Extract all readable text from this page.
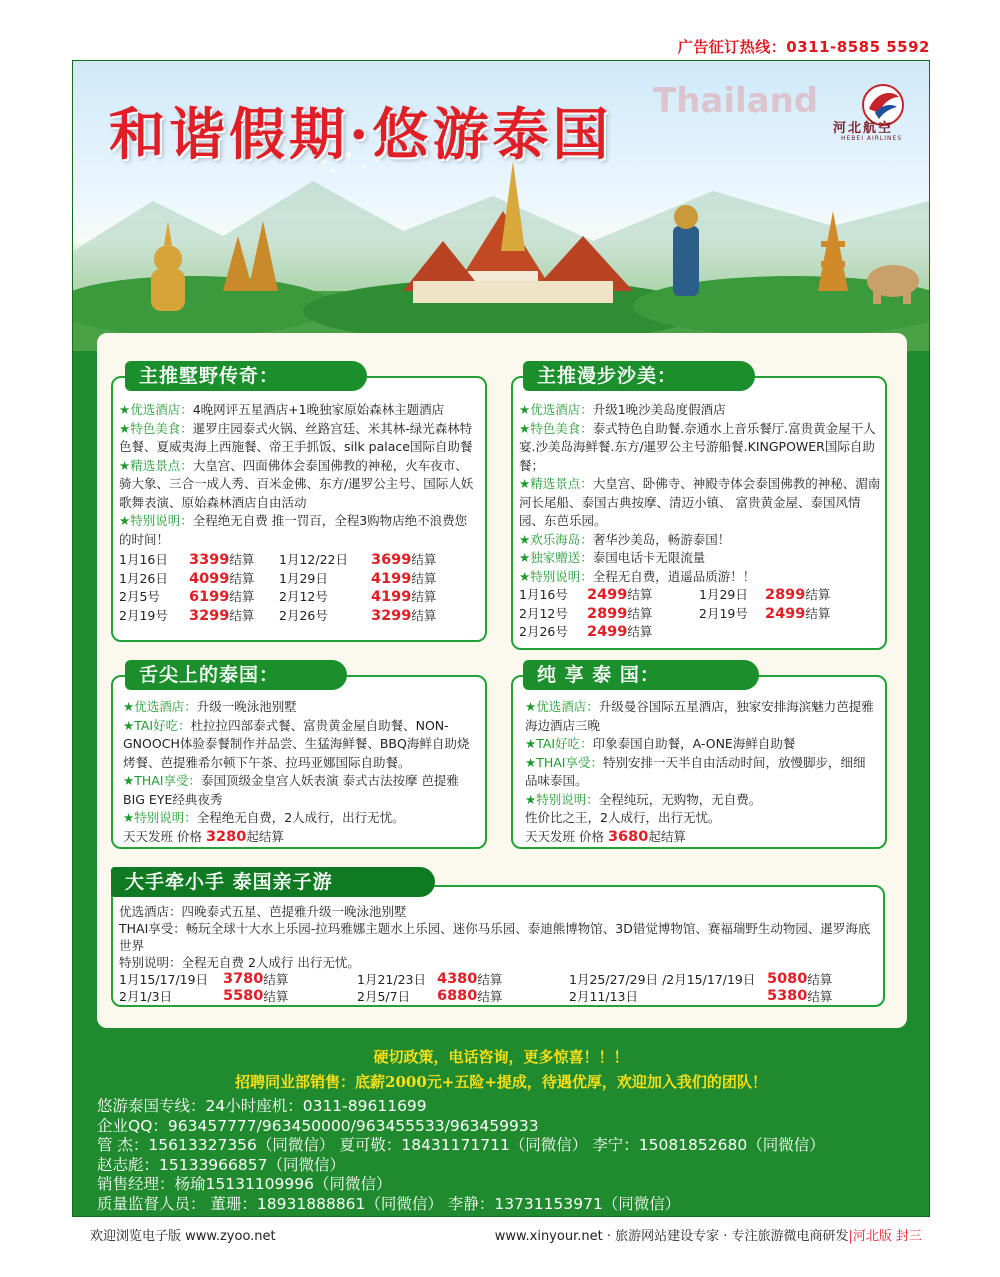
广告征订热线：0311-8585 5592
Thailand
和谐假期·悠游泰国	河北航空
HEBEI AIRLINES
主推墅野传奇：

★优选酒店：4晚网评五星酒店+1晚独家原始森林主题酒店

★特色美食：暹罗庄园泰式火锅、丝路宫廷、米其林-绿光森林特色餐、夏威夷海上西施餐、帝王手抓饭、silk palace国际自助餐

★精选景点：大皇宫、四面佛体会泰国佛教的神秘，火车夜市、骑大象、三合一成人秀、百米金佛、东方/暹罗公主号、国际人妖歌舞表演、原始森林酒店自由活动

★特别说明：全程绝无自费 推一罚百，全程3购物店绝不浪费您的时间！

1月16日	3399 结算 1月12/22日	3699 结算
1月26日	4099 结算 1月29日	4199 结算
2月5号	6199 结算 2月12号	4199 结算
2月19号	3299 结算 2月26号	3299 结算
主推漫步沙美：

★优选酒店：升级1晚沙美岛度假酒店

★特色美食：泰式特色自助餐.奈通水上音乐餐厅.富贵黄金屋干人宴.沙美岛海鲜餐.东方/暹罗公主号游船餐.KINGPOWER国际自助餐；

★精选景点：大皇宫、卧佛寺、神殿寺体会泰国佛教的神秘、湄南河长尾船、泰国古典按摩、清迈小镇、 富贵黄金屋、泰国风情园、东芭乐园。

★欢乐海岛：奢华沙美岛，畅游泰国！

★独家赠送：泰国电话卡无限流量

★特别说明：全程无自费，逍遥品质游！！

1月16号	2499 结算	1月29日	2899 结算
2月12号	2899 结算	2月19号	2499 结算
2月26号	2499 结算
舌尖上的泰国：

★优选酒店：升级一晚泳池别墅

★TAI好吃：杜拉拉四部泰式餐、富贵黄金屋自助餐、NON-GNOOCH体验泰餐制作并品尝、生猛海鲜餐、BBQ海鲜自助烧烤餐、芭提雅希尔顿下午茶、拉玛亚娜国际自助餐。

★THAI享受：泰国顶级金皇宫人妖表演 泰式古法按摩 芭提雅BIG EYE经典夜秀

★特别说明：全程绝无自费，2人成行，出行无忧。

天天发班 价格 3280起结算

纯 享 泰 国：

★优选酒店：升级曼谷国际五星酒店，独家安排海滨魅力芭提雅海边酒店三晚

★TAI好吃：印象泰国自助餐，A-ONE海鲜自助餐

★THAI享受：特别安排一天半自由活动时间，放慢脚步，细细品味泰国。

★特别说明：全程纯玩，无购物，无自费。

性价比之王，2人成行，出行无忧。

天天发班 价格 3680起结算

大手牵小手 泰国亲子游

优选酒店：四晚泰式五星、芭提雅升级一晚泳池别墅

THAI享受：畅玩全球十大水上乐园-拉玛雅娜主题水上乐园、迷你马乐园、泰迪熊博物馆、3D错觉博物馆、赛福瑞野生动物园、暹罗海底世界

特别说明：全程无自费 2人成行 出行无忧。

1月15/17/19日	3780 结算	1月21/23日 4380 结算	1月25/27/29日 /2月15/17/19日 5080 结算
2月1/3日	5580 结算	2月5/7日	6880 结算	2月11/13日	5380 结算
硬切政策，电话咨询，更多惊喜！！！
招聘同业部销售：底薪2000元+五险+提成，待遇优厚，欢迎加入我们的团队！

悠游泰国专线：24小时座机：0311-89611699

企业QQ：963457777/963450000/963455533/963459933

管 杰：15613327356（同微信） 夏可敬：18431171711（同微信） 李宁：15081852680（同微信）

赵志彪：15133966857（同微信）

销售经理：杨瑜15131109996（同微信）

质量监督人员： 董珊：18931888861（同微信） 李静：13731153971（同微信）

欢迎浏览电子版 www.zyoo.net	www.xinyour.net · 旅游网站建设专家 · 专注旅游微电商研发|河北版 封三
